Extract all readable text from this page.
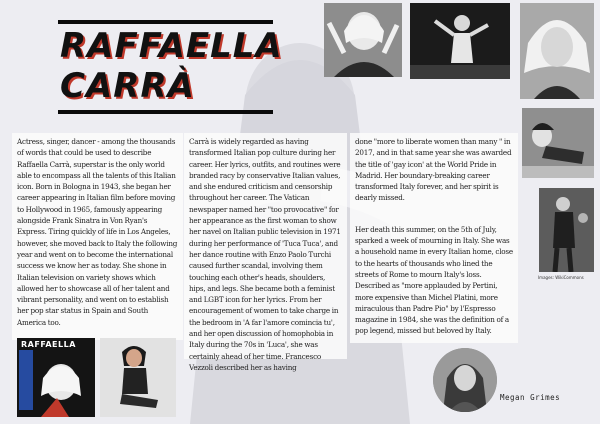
RAFFAELLA
CARRÀ
Images: WikiCommons

Actress, singer, dancer - among the thousands of words that could be used to describe Raffaella Carrà, superstar is the only world able to encompass all the talents of this Italian icon. Born in Bologna in 1943, she began her career appearing in Italian film before moving to Hollywood in 1965, famously appearing alongside Frank Sinatra in Von Ryan's Express. Tiring quickly of life in Los Angeles, however, she moved back to Italy the following year and went on to become the international success we know her as today. She shone in Italian television on variety shows which allowed her to showcase all of her talent and vibrant personality, and went on to establish her pop star status in Spain and South America too.

Carrà is widely regarded as having transformed Italian pop culture during her career. Her lyrics, outfits, and routines were branded racy by conservative Italian values, and she endured criticism and censorship throughout her career. The Vatican newspaper named her "too provocative" for her appearance as the first woman to show her navel on Italian public television in 1971 during her performance of 'Tuca Tuca', and her dance routine with Enzo Paolo Turchi caused further scandal, involving them touching each other's heads, shoulders, hips, and legs. She became both a feminist and LGBT icon for her lyrics. From her encouragement of women to take charge in the bedroom in 'A far l'amore comincia tu', and her open discussion of homophobia in Italy during the 70s in 'Luca', she was certainly ahead of her time. Francesco Vezzoli described her as having

done "more to liberate women than many " in 2017, and in that same year she was awarded the title of 'gay icon' at the World Pride in Madrid. Her boundary-breaking career transformed Italy forever, and her spirit is dearly missed.

Her death this summer, on the 5th of July, sparked a week of mourning in Italy. She was a household name in every Italian home, close to the hearts of thousands who lined the streets of Rome to mourn Italy's loss. Described as "more applauded by Pertini, more expensive than Michel Platini, more miraculous than Padre Pio" by l'Espresso magazine in 1984, she was the definition of a pop legend, missed but beloved by Italy.

RAFFAELLA
Megan Grimes
